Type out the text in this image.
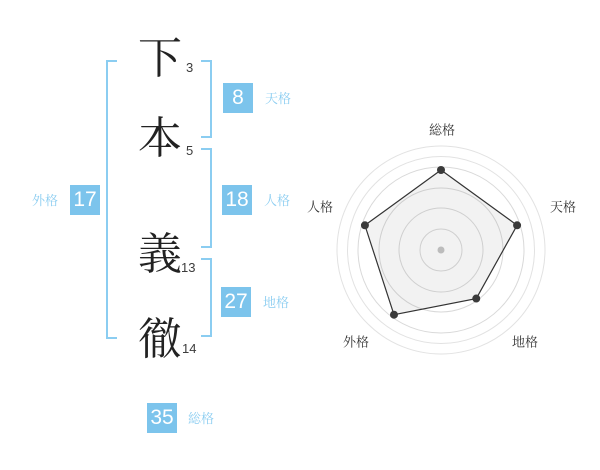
下
本
義
徹
3
5
13
14
8	天格
18 人格
27 地格
外格 17
35 総格
総格
天格
地格
外格
人格
